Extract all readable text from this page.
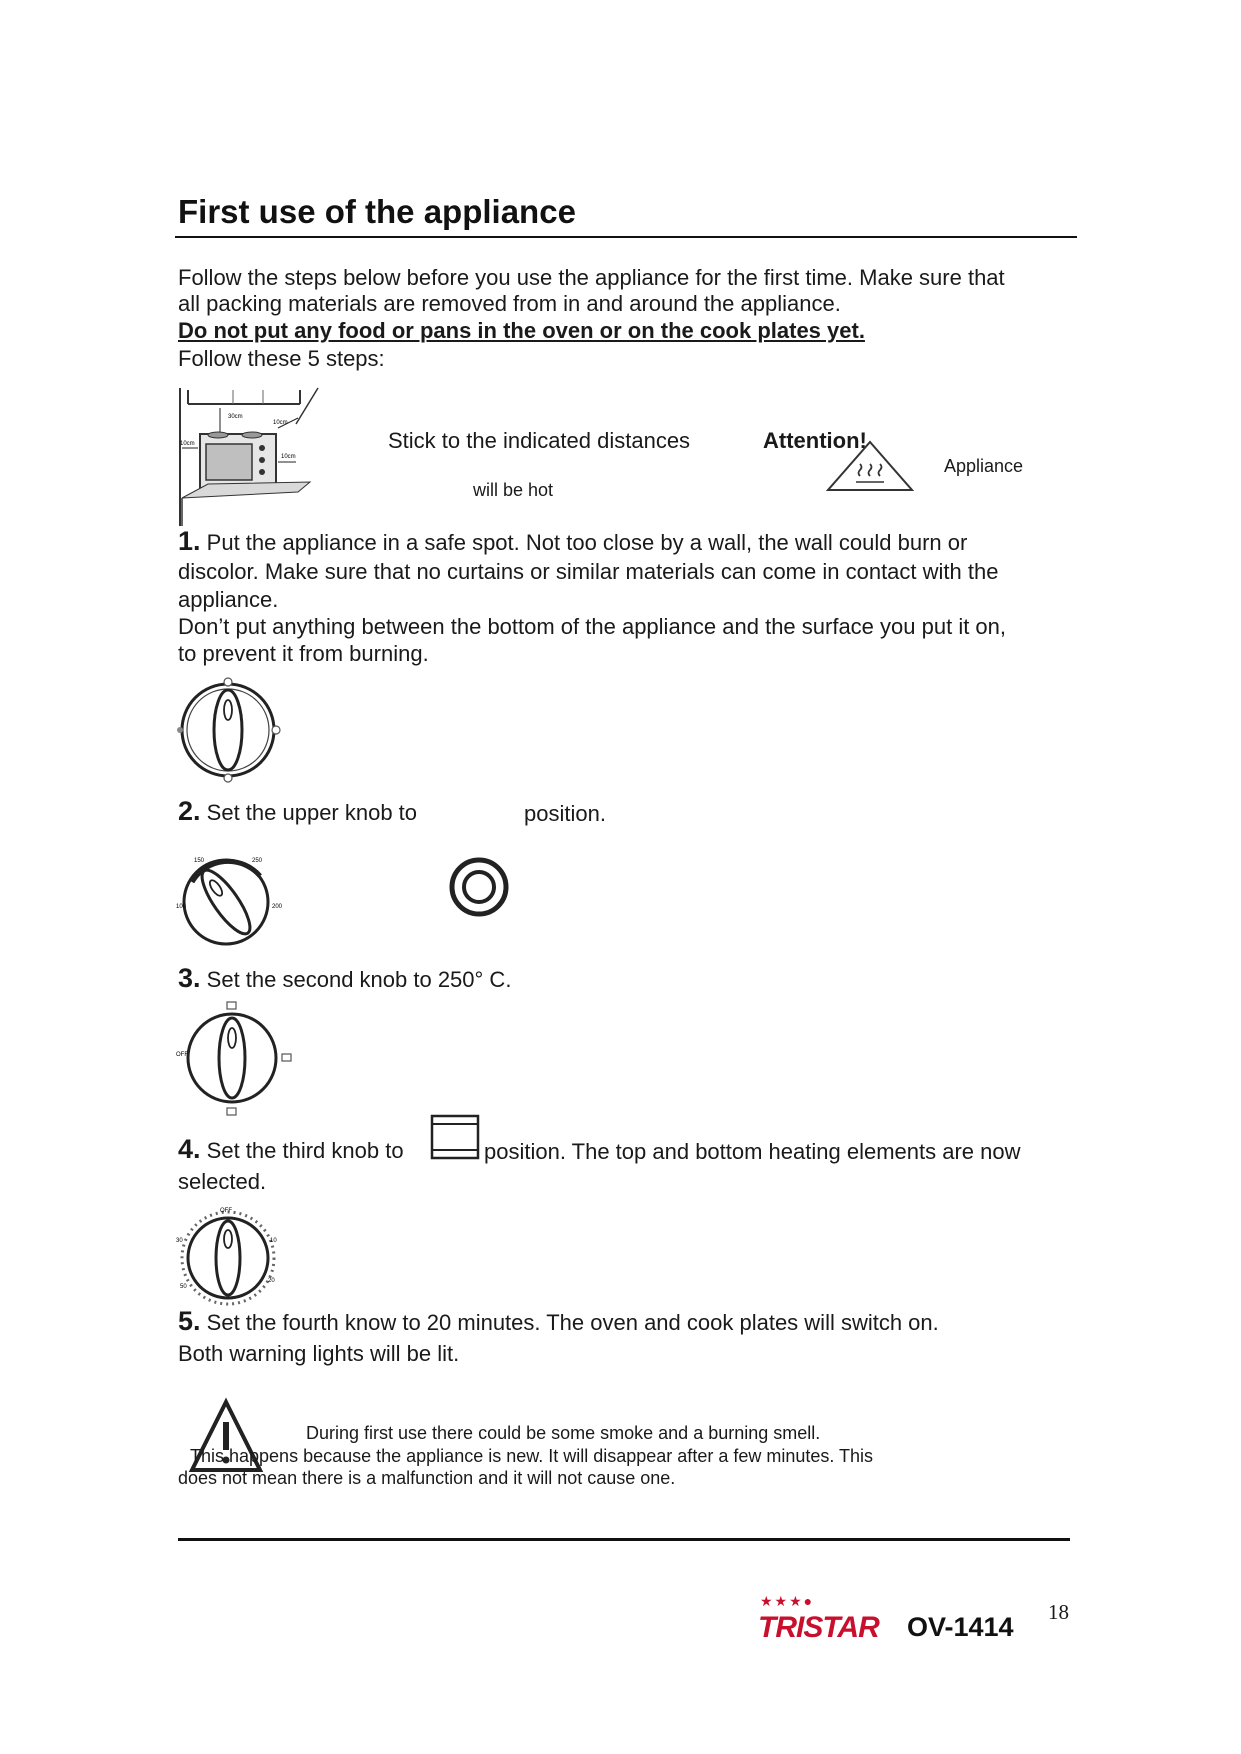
First use of the appliance
Follow the steps below before you use the appliance for the first time. Make sure that
all packing materials are removed from in and around the appliance.
Do not put any food or pans in the oven or on the cook plates yet.
Follow these 5 steps:
30cm
10cm
10cm
10cm
Stick to the indicated distances	Attention!
Appliance
will be hot
1. Put the appliance in a safe spot. Not too close by a wall, the wall could burn or
discolor. Make sure that no curtains or similar materials can come in contact with the
appliance.
Don’t put anything between the bottom of the appliance and the surface you put it on,
to prevent it from burning.
2. Set the upper knob to	position.
150	250
100	200
3. Set the second knob to 250° C.
OFF
4. Set the third knob to	position. The top and bottom heating elements are now
selected.
OFF
30	10
50
20
5. Set the fourth know to 20 minutes. The oven and cook plates will switch on.
Both warning lights will be lit.
During first use there could be some smoke and a burning smell.
This happens because the appliance is new. It will disappear after a few minutes. This
does not mean there is a malfunction and it will not cause one.
★★★●
TRISTAR OV-1414 18
